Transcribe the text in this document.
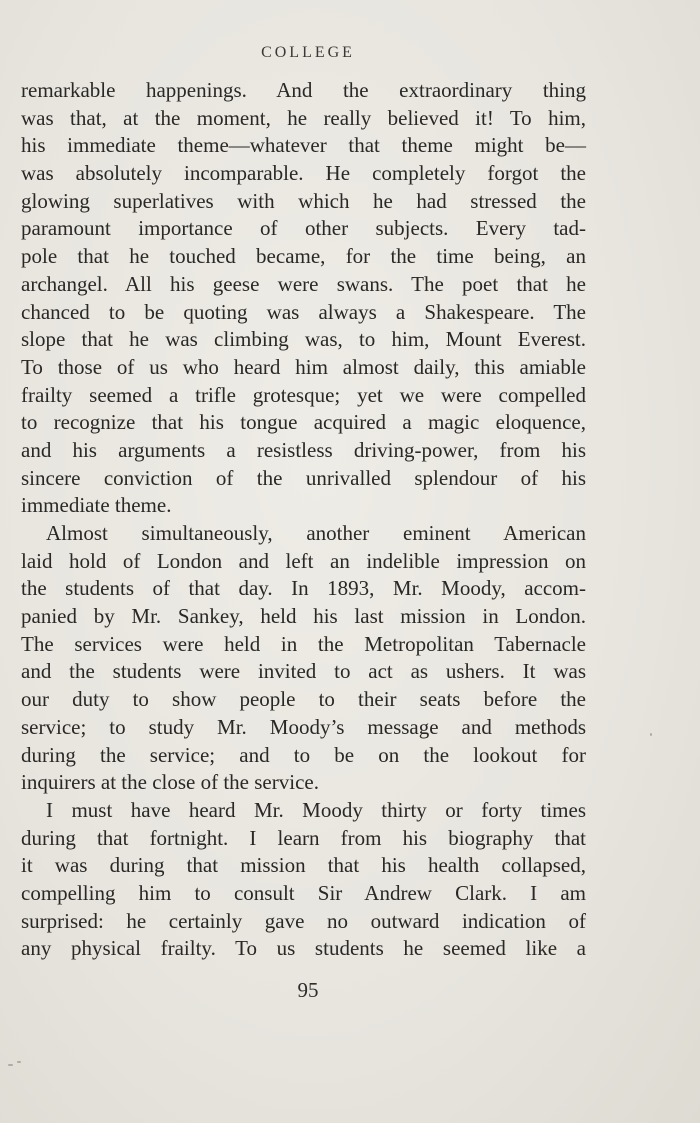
COLLEGE
remarkable happenings. And the extraordinary thing
was that, at the moment, he really believed it! To him,
his immediate theme—whatever that theme might be—
was absolutely incomparable. He completely forgot the
glowing superlatives with which he had stressed the
paramount importance of other subjects. Every tad-
pole that he touched became, for the time being, an
archangel. All his geese were swans. The poet that he
chanced to be quoting was always a Shakespeare. The
slope that he was climbing was, to him, Mount Everest.
To those of us who heard him almost daily, this amiable
frailty seemed a trifle grotesque; yet we were compelled
to recognize that his tongue acquired a magic eloquence,
and his arguments a resistless driving-power, from his
sincere conviction of the unrivalled splendour of his
immediate theme.
Almost simultaneously, another eminent American
laid hold of London and left an indelible impression on
the students of that day. In 1893, Mr. Moody, accom-
panied by Mr. Sankey, held his last mission in London.
The services were held in the Metropolitan Tabernacle
and the students were invited to act as ushers. It was
our duty to show people to their seats before the
service; to study Mr. Moody’s message and methods
during the service; and to be on the lookout for
inquirers at the close of the service.
I must have heard Mr. Moody thirty or forty times
during that fortnight. I learn from his biography that
it was during that mission that his health collapsed,
compelling him to consult Sir Andrew Clark. I am
surprised: he certainly gave no outward indication of
any physical frailty. To us students he seemed like a
95
